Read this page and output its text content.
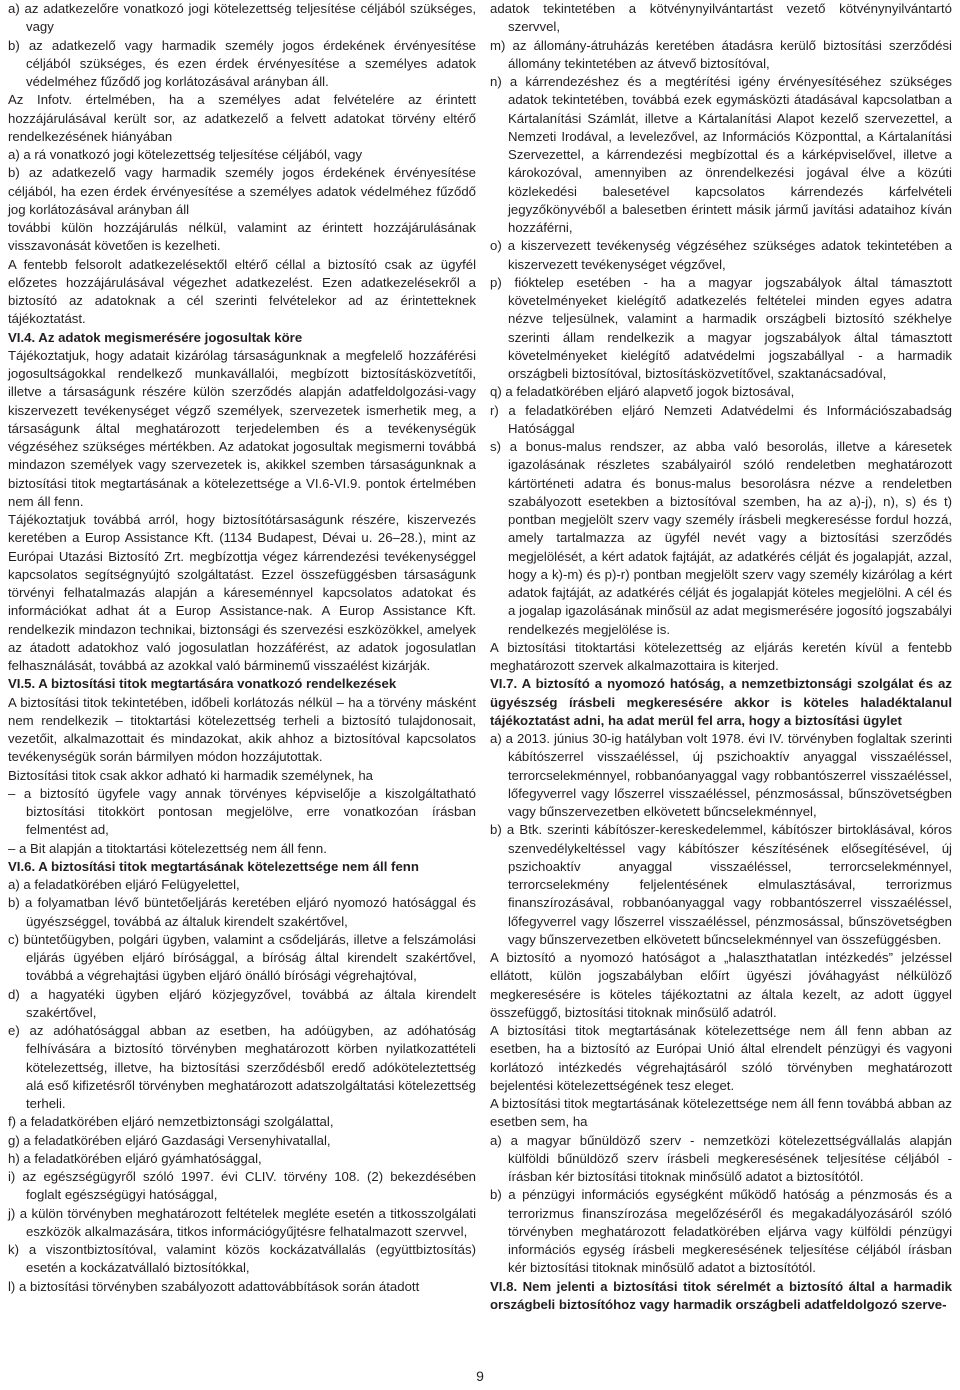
a) az adatkezelőre vonatkozó jogi kötelezettség teljesítése céljából szükséges, vagy

b) az adatkezelő vagy harmadik személy jogos érdekének érvényesítése céljából szükséges, és ezen érdek érvényesítése a személyes adatok védelméhez fűződő jog korlátozásával arányban áll.

Az Infotv. értelmében, ha a személyes adat felvételére az érintett hozzájárulásával került sor, az adatkezelő a felvett adatokat törvény eltérő rendelkezésének hiányában

a) a rá vonatkozó jogi kötelezettség teljesítése céljából, vagy

b) az adatkezelő vagy harmadik személy jogos érdekének érvényesítése céljából, ha ezen érdek érvényesítése a személyes adatok védelméhez fűződő jog korlátozásával arányban áll

további külön hozzájárulás nélkül, valamint az érintett hozzájárulásának visszavonását követően is kezelheti.

A fentebb felsorolt adatkezelésektől eltérő céllal a biztosító csak az ügyfél előzetes hozzájárulásával végezhet adatkezelést. Ezen adatkezelésekről a biztosító az adatoknak a cél szerinti felvételekor ad az érintetteknek tájékoztatást.

VI.4. Az adatok megismerésére jogosultak köre

Tájékoztatjuk, hogy adatait kizárólag társaságunknak a megfelelő hozzáférési jogosultságokkal rendelkező munkavállalói, megbízott biztosításközvetítői, illetve a társaságunk részére külön szerződés alapján adatfeldolgozási-vagy kiszervezett tevékenységet végző személyek, szervezetek ismerhetik meg, a társaságunk által meghatározott terjedelemben és a tevékenységük végzéséhez szükséges mértékben. Az adatokat jogosultak megismerni továbbá mindazon személyek vagy szervezetek is, akikkel szemben társaságunknak a biztosítási titok megtartásának a kötelezettsége a VI.6-VI.9. pontok értelmében nem áll fenn.

Tájékoztatjuk továbbá arról, hogy biztosítótársaságunk részére, kiszervezés keretében a Europ Assistance Kft. (1134 Budapest, Dévai u. 26‒28.), mint az Európai Utazási Biztosító Zrt. megbízottja végez kárrendezési tevékenységgel kapcsolatos segítségnyújtó szolgáltatást. Ezzel összefüggésben társaságunk törvényi felhatalmazás alapján a káreseménnyel kapcsolatos adatokat és információkat adhat át a Europ Assistance-nak. A Europ Assistance Kft. rendelkezik mindazon technikai, biztonsági és szervezési eszközökkel, amelyek az átadott adatokhoz való jogosulatlan hozzáférést, az adatok jogosulatlan felhasználását, továbbá az azokkal való bárminemű visszaélést kizárják.

VI.5. A biztosítási titok megtartására vonatkozó rendelkezések

A biztosítási titok tekintetében, időbeli korlátozás nélkül ‒ ha a törvény másként nem rendelkezik ‒ titoktartási kötelezettség terheli a biztosító tulajdonosait, vezetőit, alkalmazottait és mindazokat, akik ahhoz a biztosítóval kapcsolatos tevékenységük során bármilyen módon hozzájutottak.

Biztosítási titok csak akkor adható ki harmadik személynek, ha

‒ a biztosító ügyfele vagy annak törvényes képviselője a kiszolgáltatható biztosítási titokkört pontosan megjelölve, erre vonatkozóan írásban felmentést ad,

‒ a Bit alapján a titoktartási kötelezettség nem áll fenn.

VI.6. A biztosítási titok megtartásának kötelezettsége nem áll fenn

a) a feladatkörében eljáró Felügyelettel,

b) a folyamatban lévő büntetőeljárás keretében eljáró nyomozó hatósággal és ügyészséggel, továbbá az általuk kirendelt szakértővel,

c) büntetőügyben, polgári ügyben, valamint a csődeljárás, illetve a felszámolási eljárás ügyében eljáró bírósággal, a bíróság által kirendelt szakértővel, továbbá a végrehajtási ügyben eljáró önálló bírósági végrehajtóval,

d) a hagyatéki ügyben eljáró közjegyzővel, továbbá az általa kirendelt szakértővel,

e) az adóhatósággal abban az esetben, ha adóügyben, az adóhatóság felhívására a biztosító törvényben meghatározott körben nyilatkozattételi kötelezettség, illetve, ha biztosítási szerződésből eredő adóköteleztettség alá eső kifizetésről törvényben meghatározott adatszolgáltatási kötelezettség terheli.

f) a feladatkörében eljáró nemzetbiztonsági szolgálattal,

g) a feladatkörében eljáró Gazdasági Versenyhivatallal,

h) a feladatkörében eljáró gyámhatósággal,

i) az egészségügyről szóló 1997. évi CLIV. törvény 108. (2) bekezdésében foglalt egészségügyi hatósággal,

j) a külön törvényben meghatározott feltételek megléte esetén a titkosszolgálati eszközök alkalmazására, titkos információgyűjtésre felhatalmazott szervvel,

k) a viszontbiztosítóval, valamint közös kockázatvállalás (együttbiztosítás) esetén a kockázatvállaló biztosítókkal,

l) a biztosítási törvényben szabályozott adattovábbítások során átadott

adatok tekintetében a kötvénynyilvántartást vezető kötvénynyilvántartó szervvel,

m) az állomány-átruházás keretében átadásra kerülő biztosítási szerződési állomány tekintetében az átvevő biztosítóval,

n) a kárrendezéshez és a megtérítési igény érvényesítéséhez szükséges adatok tekintetében, továbbá ezek egymásközti átadásával kapcsolatban a Kártalanítási Számlát, illetve a Kártalanítási Alapot kezelő szervezettel, a Nemzeti Irodával, a levelezővel, az Információs Központtal, a Kártalanítási Szervezettel, a kárrendezési megbízottal és a kárképviselővel, illetve a károkozóval, amennyiben az önrendelkezési jogával élve a közúti közlekedési balesetével kapcsolatos kárrendezés kárfelvételi jegyzőkönyvéből a balesetben érintett másik jármű javítási adataihoz kíván hozzáférni,

o) a kiszervezett tevékenység végzéséhez szükséges adatok tekintetében a kiszervezett tevékenységet végzővel,

p) fióktelep esetében - ha a magyar jogszabályok által támasztott követelményeket kielégítő adatkezelés feltételei minden egyes adatra nézve teljesülnek, valamint a harmadik országbeli biztosító székhelye szerinti állam rendelkezik a magyar jogszabályok által támasztott követelményeket kielégítő adatvédelmi jogszabállyal - a harmadik országbeli biztosítóval, biztosításközvetítővel, szaktanácsadóval,

q) a feladatkörében eljáró alapvető jogok biztosával,

r) a feladatkörében eljáró Nemzeti Adatvédelmi és Információszabadság Hatósággal

s) a bonus-malus rendszer, az abba való besorolás, illetve a káresetek igazolásának részletes szabályairól szóló rendeletben meghatározott kártörténeti adatra és bonus-malus besorolásra nézve a rendeletben szabályozott esetekben a biztosítóval szemben, ha az a)-j), n), s) és t) pontban megjelölt szerv vagy személy írásbeli megkeresésse fordul hozzá, amely tartalmazza az ügyfél nevét vagy a biztosítási szerződés megjelölését, a kért adatok fajtáját, az adatkérés célját és jogalapját, azzal, hogy a k)-m) és p)-r) pontban megjelölt szerv vagy személy kizárólag a kért adatok fajtáját, az adatkérés célját és jogalapját köteles megjelölni. A cél és a jogalap igazolásának minősül az adat megismerésére jogosító jogszabályi rendelkezés megjelölése is.

A biztosítási titoktartási kötelezettség az eljárás keretén kívül a fentebb meghatározott szervek alkalmazottaira is kiterjed.

VI.7. A biztosító a nyomozó hatóság, a nemzetbiztonsági szolgálat és az ügyészség írásbeli megkeresésére akkor is köteles haladéktalanul tájékoztatást adni, ha adat merül fel arra, hogy a biztosítási ügylet

a) a 2013. június 30-ig hatályban volt 1978. évi IV. törvényben foglaltak szerinti kábítószerrel visszaéléssel, új pszichoaktív anyaggal visszaéléssel, terrorcselekménnyel, robbanóanyaggal vagy robbantószerrel visszaéléssel, lőfegyverrel vagy lőszerrel visszaéléssel, pénzmosással, bűnszövetségben vagy bűnszervezetben elkövetett bűncselekménnyel,

b) a Btk. szerinti kábítószer-kereskedelemmel, kábítószer birtoklásával, kóros szenvedélykeltéssel vagy kábítószer készítésének elősegítésével, új pszichoaktív anyaggal visszaéléssel, terrorcselekménnyel, terrorcselekmény feljelentésének elmulasztásával, terrorizmus finanszírozásával, robbanóanyaggal vagy robbantószerrel visszaéléssel, lőfegyverrel vagy lőszerrel visszaéléssel, pénzmosással, bűnszövetségben vagy bűnszervezetben elkövetett bűncselekménnyel van összefüggésben.

A biztosító a nyomozó hatóságot a „halaszthatatlan intézkedés” jelzéssel ellátott, külön jogszabályban előírt ügyészi jóváhagyást nélkülöző megkeresésére is köteles tájékoztatni az általa kezelt, az adott üggyel összefüggő, biztosítási titoknak minősülő adatról.

A biztosítási titok megtartásának kötelezettsége nem áll fenn abban az esetben, ha a biztosító az Európai Unió által elrendelt pénzügyi és vagyoni korlátozó intézkedés végrehajtásáról szóló törvényben meghatározott bejelentési kötelezettségének tesz eleget.

A biztosítási titok megtartásának kötelezettsége nem áll fenn továbbá abban az esetben sem, ha

a) a magyar bűnüldöző szerv - nemzetközi kötelezettségvállalás alapján külföldi bűnüldöző szerv írásbeli megkeresésének teljesítése céljából - írásban kér biztosítási titoknak minősülő adatot a biztosítótól.

b) a pénzügyi információs egységként működő hatóság a pénzmosás és a terrorizmus finanszírozása megelőzéséről és megakadályozásáról szóló törvényben meghatározott feladatkörében eljárva vagy külföldi pénzügyi információs egység írásbeli megkeresésének teljesítése céljából írásban kér biztosítási titoknak minősülő adatot a biztosítótól.

VI.8. Nem jelenti a biztosítási titok sérelmét a biztosító által a harmadik országbeli biztosítóhoz vagy harmadik országbeli adatfeldolgozó szerve-

9
